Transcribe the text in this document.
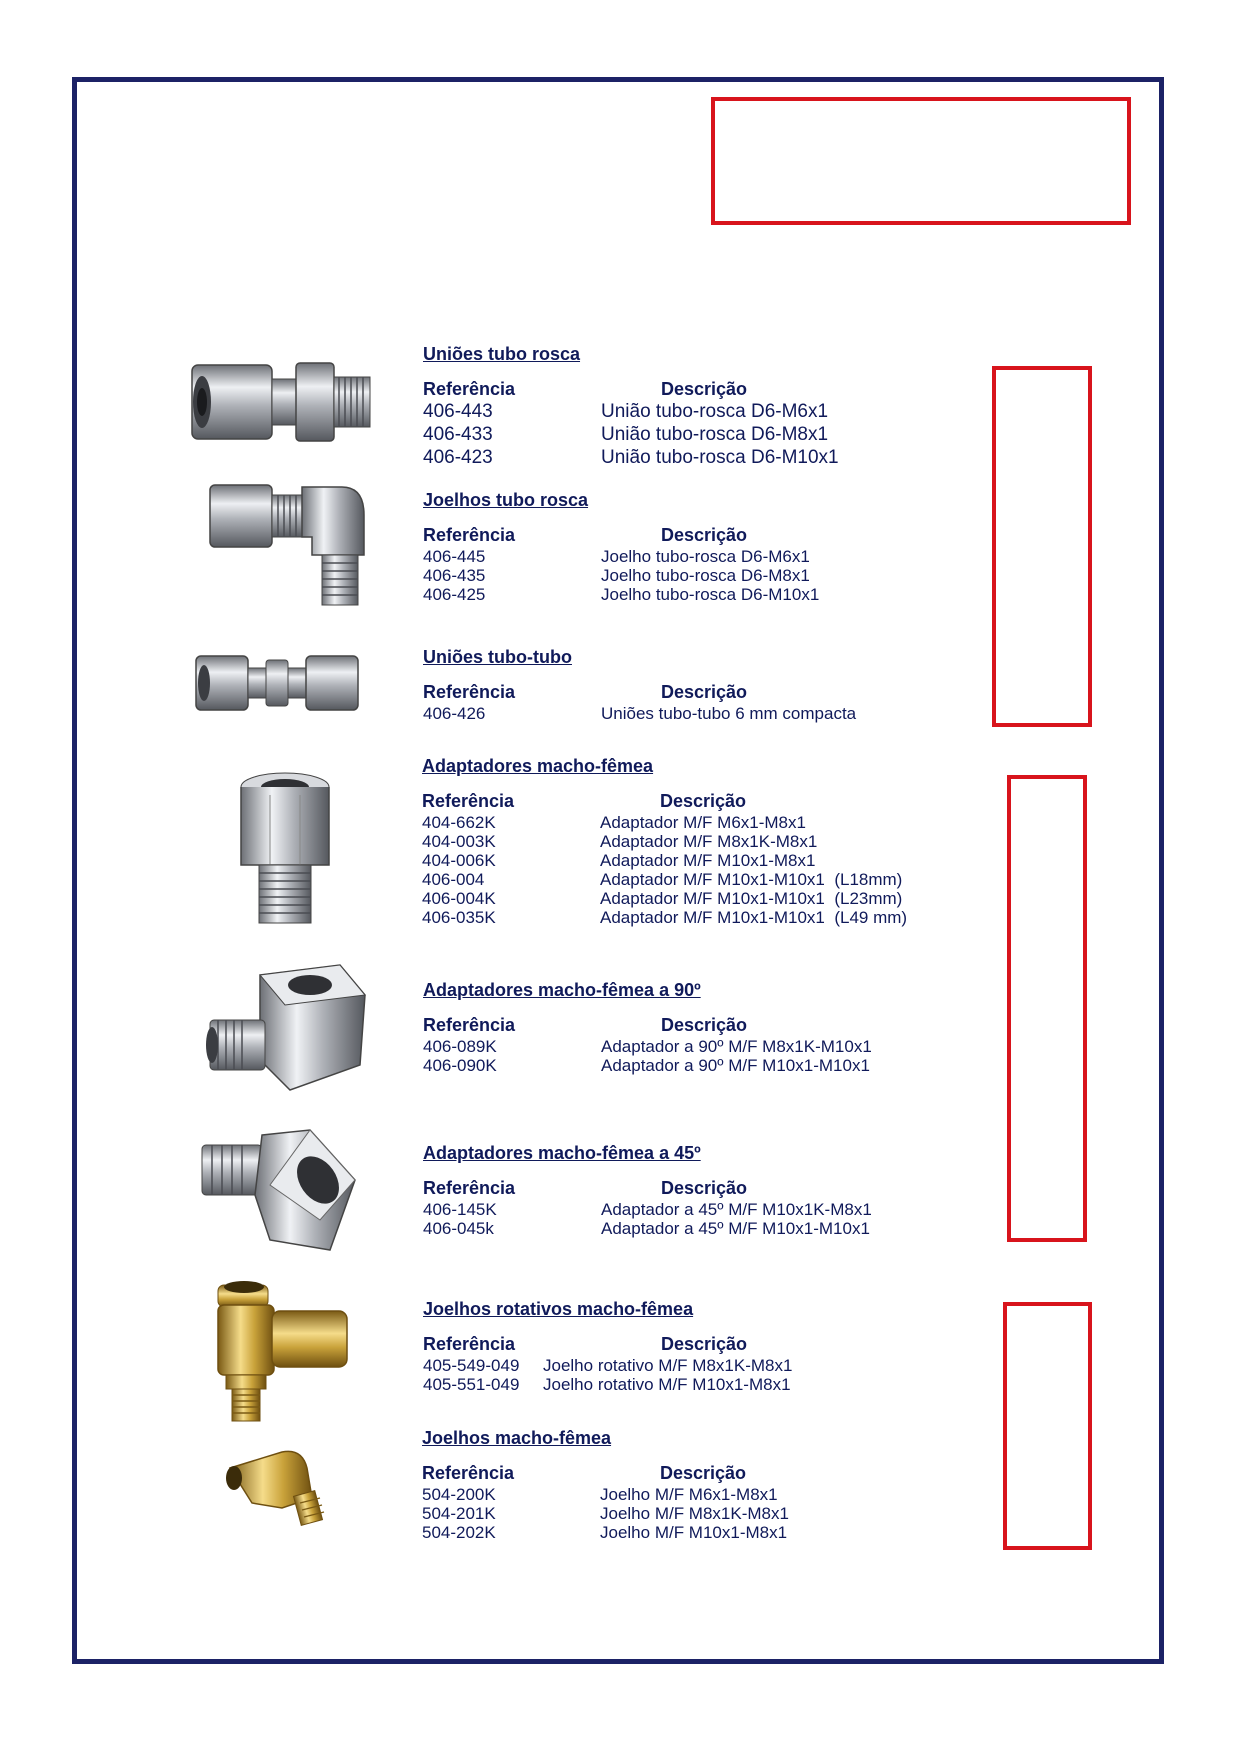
Uniões tubo rosca
Referência	Descrição
406-443	União tubo-rosca D6-M6x1
406-433	União tubo-rosca D6-M8x1
406-423	União tubo-rosca D6-M10x1
Joelhos tubo rosca
Referência	Descrição
406-445	Joelho tubo-rosca D6-M6x1
406-435	Joelho tubo-rosca D6-M8x1
406-425	Joelho tubo-rosca D6-M10x1
Uniões tubo-tubo
Referência	Descrição
406-426	Uniões tubo-tubo 6 mm compacta
Adaptadores macho-fêmea
Referência	Descrição
404-662K	Adaptador M/F M6x1-M8x1
404-003K	Adaptador M/F M8x1K-M8x1
404-006K	Adaptador M/F M10x1-M8x1
406-004	Adaptador M/F M10x1-M10x1  (L18mm)
406-004K	Adaptador M/F M10x1-M10x1  (L23mm)
406-035K	Adaptador M/F M10x1-M10x1  (L49 mm)
Adaptadores macho-fêmea a 90º
Referência	Descrição
406-089K	Adaptador a 90º M/F M8x1K-M10x1
406-090K	Adaptador a 90º M/F M10x1-M10x1
Adaptadores macho-fêmea a 45º
Referência	Descrição
406-145K	Adaptador a 45º M/F M10x1K-M8x1
406-045k	Adaptador a 45º M/F M10x1-M10x1
Joelhos rotativos macho-fêmea
Referência	Descrição
405-549-049 Joelho rotativo M/F M8x1K-M8x1
405-551-049 Joelho rotativo M/F M10x1-M8x1
Joelhos macho-fêmea
Referência	Descrição
504-200K	Joelho M/F M6x1-M8x1
504-201K	Joelho M/F M8x1K-M8x1
504-202K	Joelho M/F M10x1-M8x1
